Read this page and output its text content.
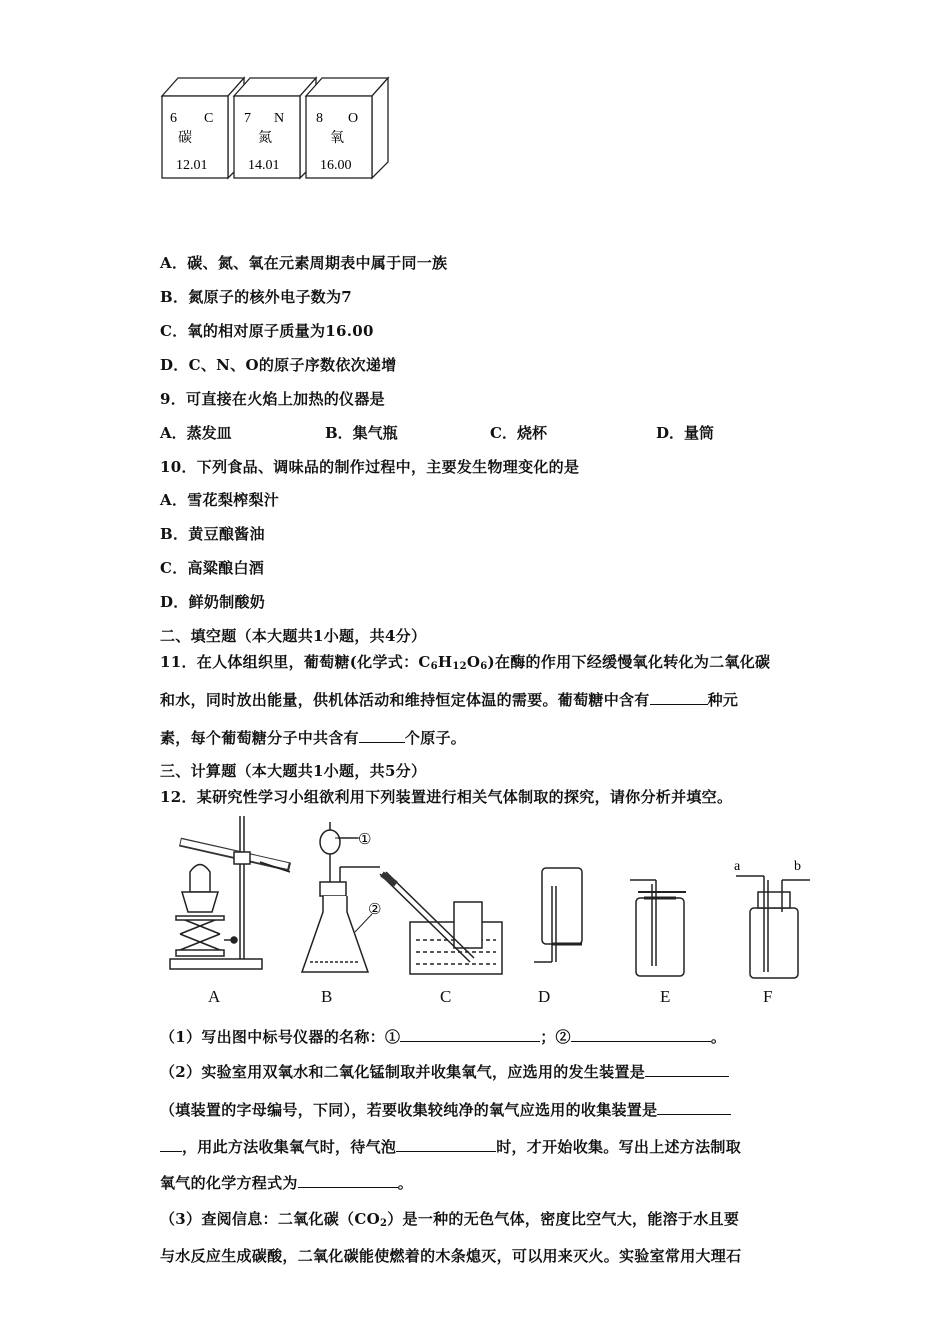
6 C
碳
12.01
7 N
氮
14.01
8 O
氧
16.00
A．碳、氮、氧在元素周期表中属于同一族
B．氮原子的核外电子数为7
C．氧的相对原子质量为16.00
D．C、N、O的原子序数依次递增
9．可直接在火焰上加热的仪器是
A．蒸发皿	B．集气瓶	C．烧杯	D．量筒
10．下列食品、调味品的制作过程中，主要发生物理变化的是
A．雪花梨榨梨汁
B．黄豆酿酱油
C．高粱酿白酒
D．鲜奶制酸奶
二、填空题（本大题共1小题，共4分）
11．在人体组织里，葡萄糖(化学式：C6H12O6)在酶的作用下经缓慢氧化转化为二氧化碳
和水，同时放出能量，供机体活动和维持恒定体温的需要。葡萄糖中含有	种元
素，每个葡萄糖分子中共含有	个原子。
三、计算题（本大题共1小题，共5分）
12．某研究性学习小组欲利用下列装置进行相关气体制取的探究，请你分析并填空。
①
②
a	b
A	B	C	D	E	F
（1）写出图中标号仪器的名称：①	；②	。
（2）实验室用双氧水和二氧化锰制取并收集氧气，应选用的发生装置是
（填装置的字母编号，下同），若要收集较纯净的氧气应选用的收集装置是
，用此方法收集氧气时，待气泡	时，才开始收集。写出上述方法制取
氧气的化学方程式为	。
（3）查阅信息：二氧化碳（CO2）是一种的无色气体，密度比空气大，能溶于水且要
与水反应生成碳酸，二氧化碳能使燃着的木条熄灭，可以用来灭火。实验室常用大理石
